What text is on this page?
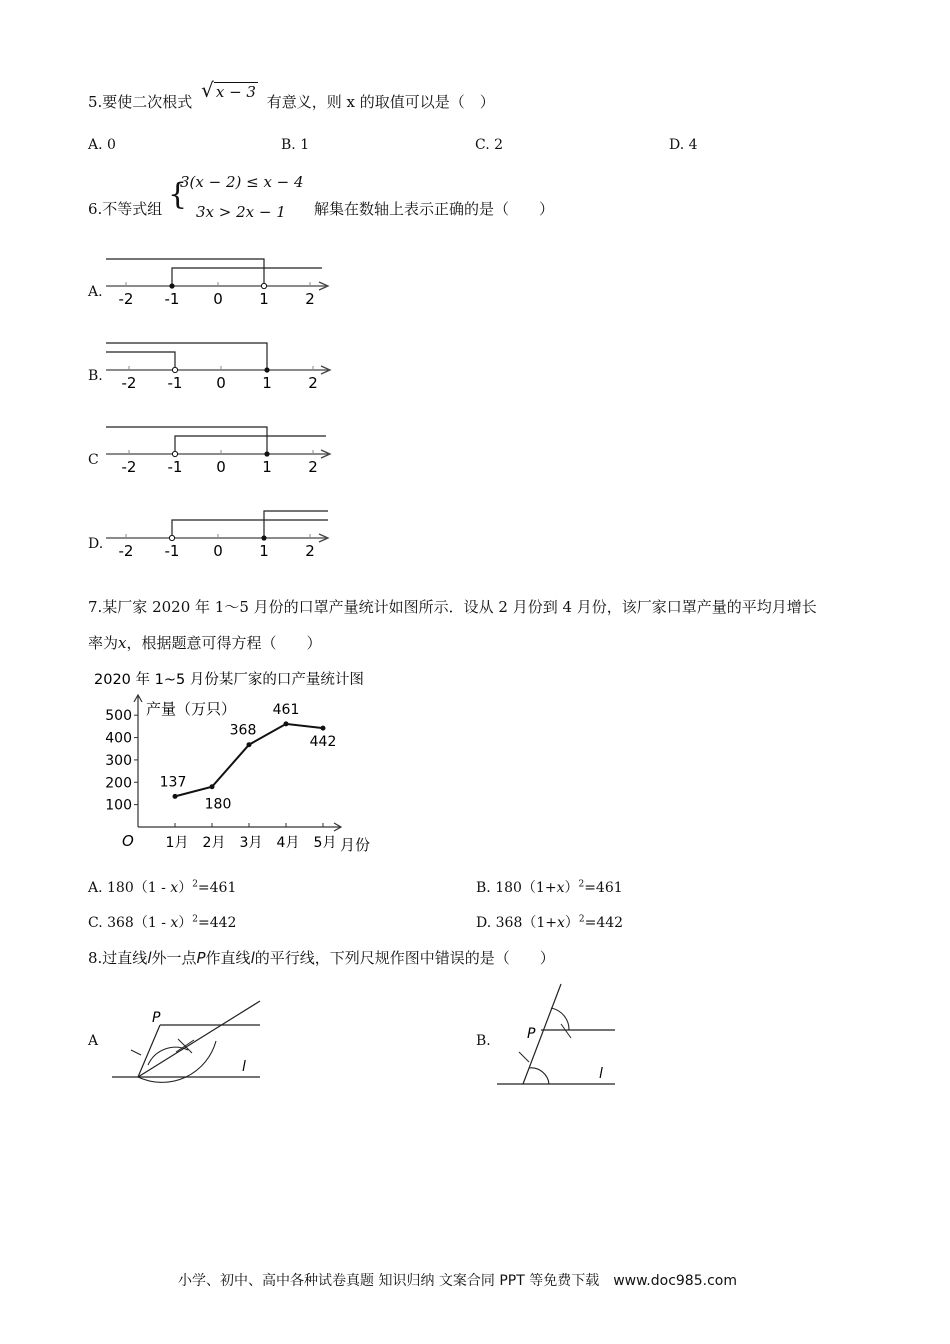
5.要使二次根式 √ x − 3 有意义，则 x 的取值可以是（　）
A. 0	B. 1	C. 2	D. 4
6.不等式组 {
3(x − 2) ≤ x − 4
3x > 2x − 1 解集在数轴上表示正确的是（　　）
A. -2 -1 0 1 2
B. -2 -1 0 1 2
C -2 -1 0 1 2
D. -2 -1 0 1 2
7.某厂家 2020 年 1～5 月份的口罩产量统计如图所示．设从 2 月份到 4 月份，该厂家口罩产量的平均月增长
率为x，根据题意可得方程（　　）
2020 年 1~5 月份某厂家的口产量统计图
产量（万只）
月份
O
100
200
300
400
500
1月 2月 3月 4月 5月
137
180
368
461
442
A. 180（1 - x）$^2$=461	B. $180(1+x)^2=461$
C. 368（1 - x）$^2$=442	D. $368(1+x)^2=442$
8.过直线l外一点P作直线l的平行线，下列尺规作图中错误的是（　　）
A
P
l
B.	P
l
小学、初中、高中各种试卷真题 知识归纳 文案合同 PPT 等免费下载　www.doc985.com
